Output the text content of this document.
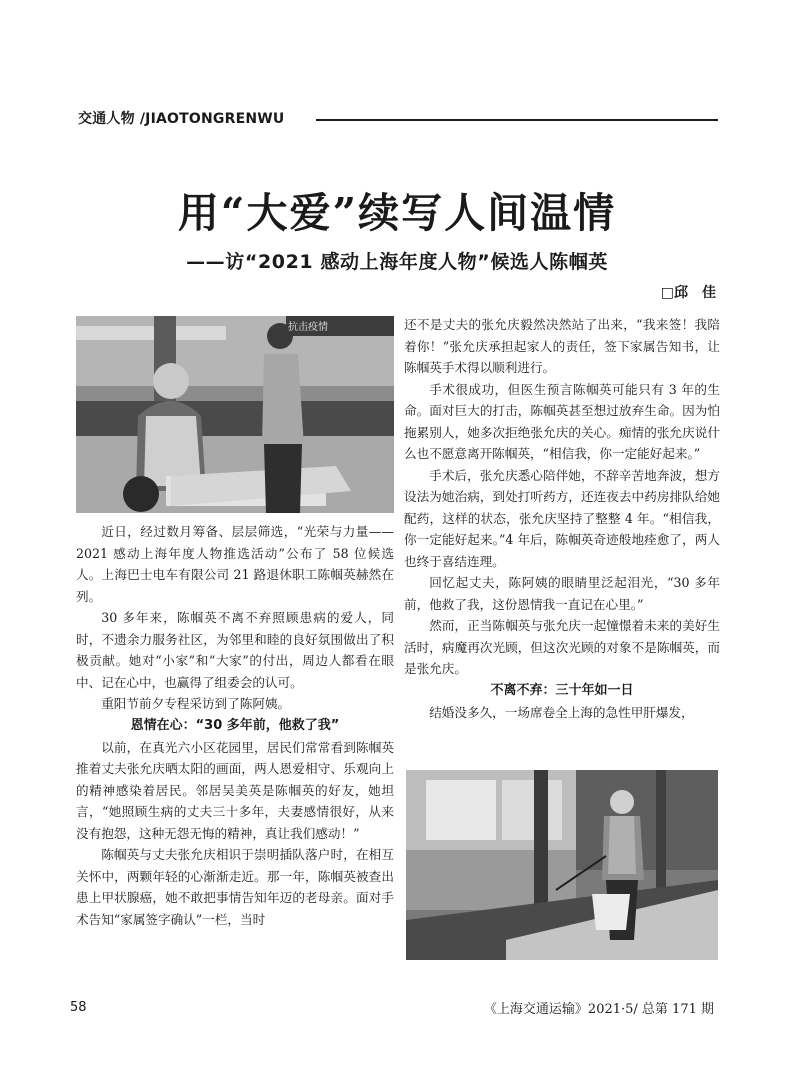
交通人物 /JIAOTONGRENWU
用“大爱”续写人间温情
——访“2021 感动上海年度人物”候选人陈帼英
□邱　佳
抗击疫情

近日，经过数月筹备、层层筛选，“光荣与力量——2021 感动上海年度人物推选活动”公布了 58 位候选人。上海巴士电车有限公司 21 路退休职工陈帼英赫然在列。

30 多年来，陈帼英不离不弃照顾患病的爱人，同时，不遗余力服务社区，为邻里和睦的良好氛围做出了积极贡献。她对“小家”和“大家”的付出，周边人都看在眼中、记在心中，也赢得了组委会的认可。

重阳节前夕专程采访到了陈阿姨。

恩情在心：“30 多年前，他救了我”

以前，在真光六小区花园里，居民们常常看到陈帼英推着丈夫张允庆晒太阳的画面，两人恩爱相守、乐观向上的精神感染着居民。邻居吴美英是陈帼英的好友，她坦言，“她照顾生病的丈夫三十多年，夫妻感情很好，从来没有抱怨，这种无怨无悔的精神，真让我们感动！”

陈帼英与丈夫张允庆相识于崇明插队落户时，在相互关怀中，两颗年轻的心渐渐走近。那一年，陈帼英被查出患上甲状腺癌，她不敢把事情告知年迈的老母亲。面对手术告知“家属签字确认”一栏，当时

还不是丈夫的张允庆毅然决然站了出来，“我来签！我陪着你！”张允庆承担起家人的责任，签下家属告知书，让陈帼英手术得以顺利进行。

手术很成功，但医生预言陈帼英可能只有 3 年的生命。面对巨大的打击，陈帼英甚至想过放弃生命。因为怕拖累别人，她多次拒绝张允庆的关心。痴情的张允庆说什么也不愿意离开陈帼英，“相信我，你一定能好起来。”

手术后，张允庆悉心陪伴她，不辞辛苦地奔波，想方设法为她治病，到处打听药方，还连夜去中药房排队给她配药，这样的状态，张允庆坚持了整整 4 年。“相信我，你一定能好起来。”4 年后，陈帼英奇迹般地痊愈了，两人也终于喜结连理。

回忆起丈夫，陈阿姨的眼睛里泛起泪光，“30 多年前，他救了我，这份恩情我一直记在心里。”

然而，正当陈帼英与张允庆一起憧憬着未来的美好生活时，病魔再次光顾，但这次光顾的对象不是陈帼英，而是张允庆。

不离不弃：三十年如一日

结婚没多久，一场席卷全上海的急性甲肝爆发，

58	《上海交通运输》2021·5/ 总第 171 期
